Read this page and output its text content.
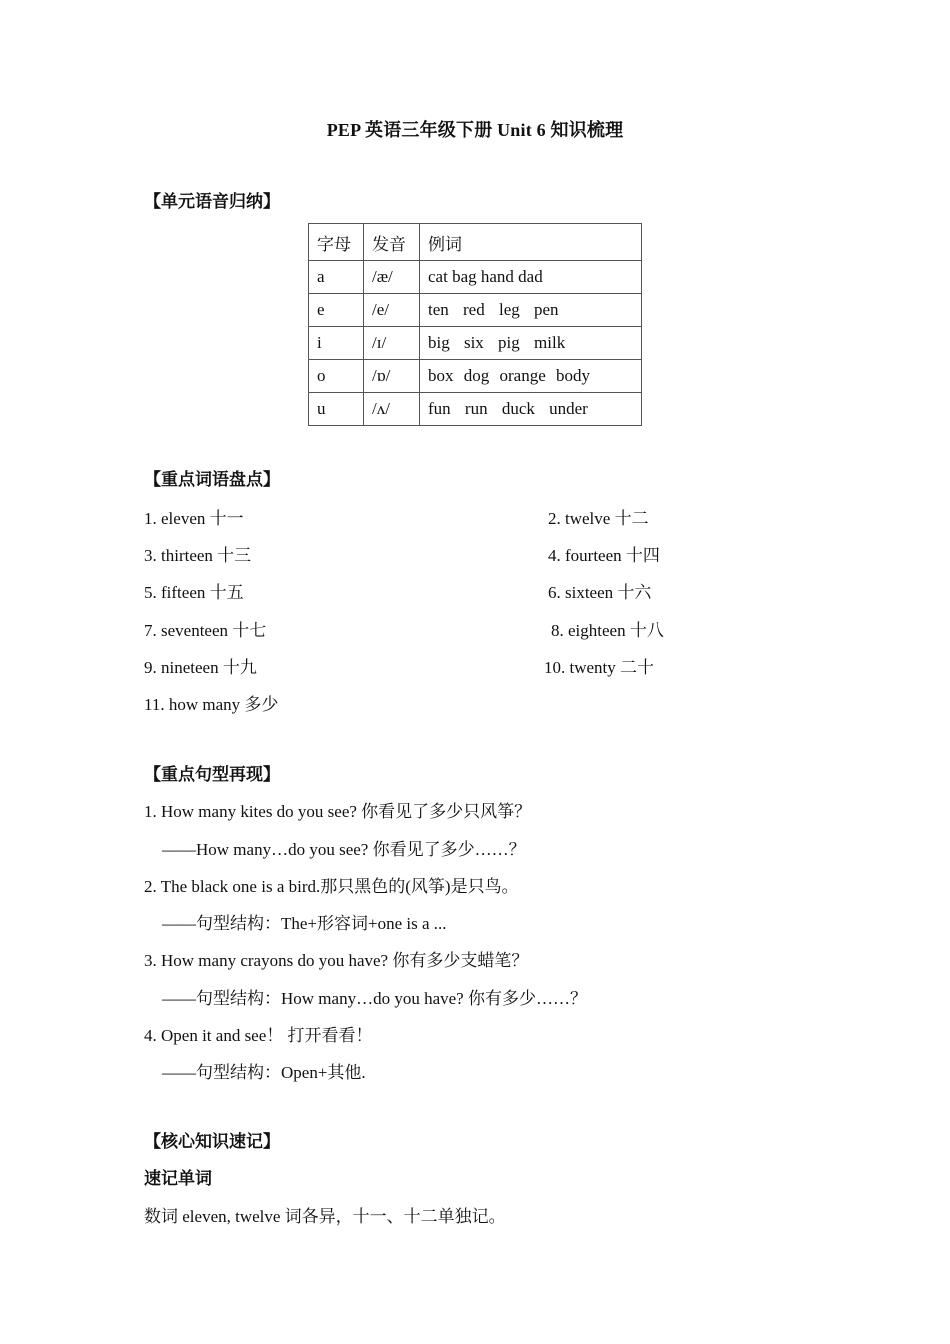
PEP 英语三年级下册 Unit 6 知识梳理
【单元语音归纳】
字母	发音	例词
a	/æ/	cat bag hand dad
e	/e/	ten red leg pen
i	/ɪ/	big six pig milk
o	/ɒ/	box dog orange body
u	/ʌ/	fun run duck under
【重点词语盘点】
1. eleven 十一	2. twelve 十二
3. thirteen 十三	4. fourteen 十四
5. fifteen 十五	6. sixteen 十六
7. seventeen 十七	8. eighteen 十八
9. nineteen 十九	10. twenty 二十
11. how many 多少
【重点句型再现】
1. How many kites do you see? 你看见了多少只风筝？
——How many…do you see? 你看见了多少……？
2. The black one is a bird.那只黑色的(风筝)是只鸟。
——句型结构：The+形容词+one is a ...
3. How many crayons do you have? 你有多少支蜡笔？
——句型结构：How many…do you have? 你有多少……？
4. Open it and see！ 打开看看！
——句型结构：Open+其他.
【核心知识速记】
速记单词
数词 eleven, twelve 词各异，十一、十二单独记。
